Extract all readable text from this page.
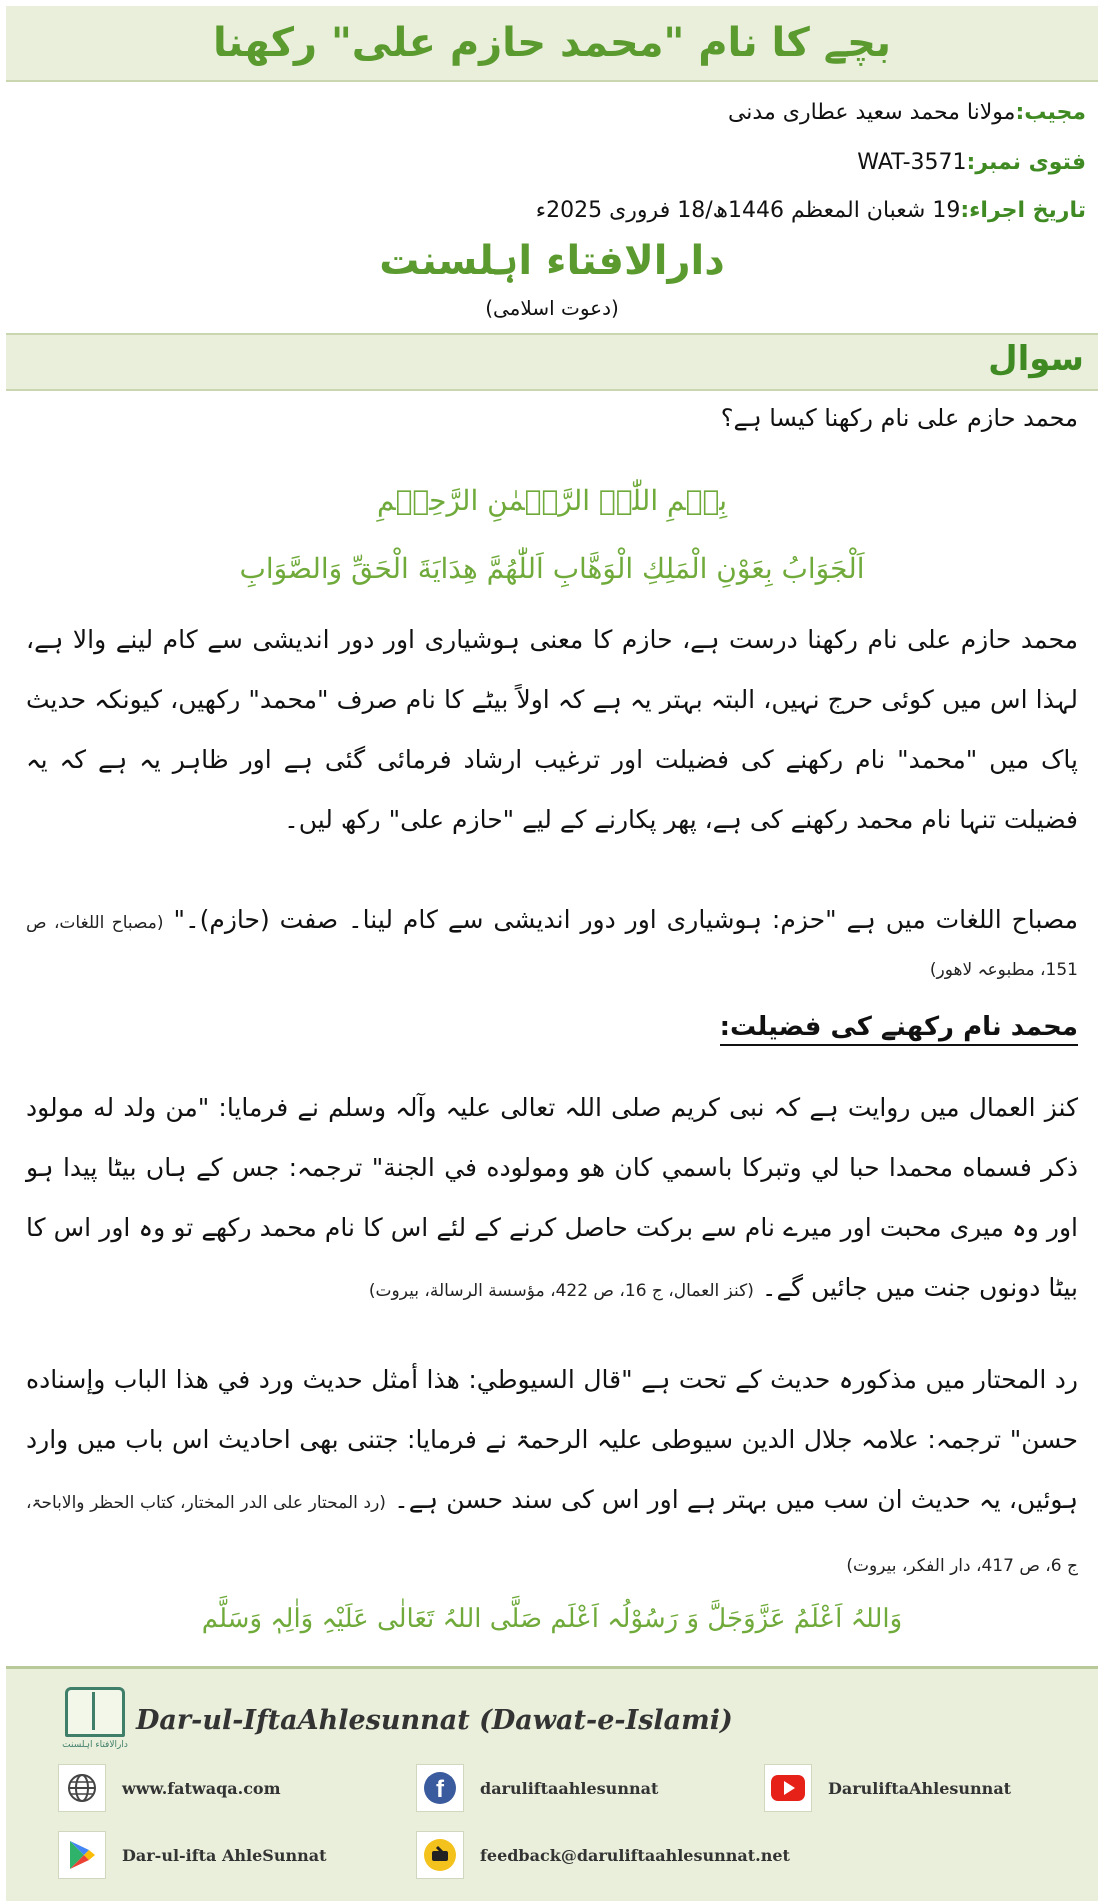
بچے کا نام "محمد حازم علی" رکھنا
مجیب:مولانا محمد سعید عطاری مدنی
فتوی نمبر:WAT-3571
تاریخ اجراء:19 شعبان المعظم 1446ھ/18 فروری 2025ء
دارالافتاء اہلسنت
(دعوت اسلامی)
سوال
محمد حازم علی نام رکھنا کیسا ہے؟
بِسۡمِ اللّٰہِ الرَّحۡمٰنِ الرَّحِیۡمِ
اَلْجَوَابُ بِعَوْنِ الْمَلِكِ الْوَهَّابِ اَللّٰهُمَّ هِدَايَةَ الْحَقِّ وَالصَّوَابِ
محمد حازم علی نام رکھنا درست ہے، حازم کا معنی ہوشیاری اور دور اندیشی سے کام لینے والا ہے، لہذا اس میں کوئی حرج نہیں، البتہ بہتر یہ ہے کہ اولاً بیٹے کا نام صرف "محمد" رکھیں، کیونکہ حدیث پاک میں "محمد" نام رکھنے کی فضیلت اور ترغیب ارشاد فرمائی گئی ہے اور ظاہر یہ ہے کہ یہ فضیلت تنہا نام محمد رکھنے کی ہے، پھر پکارنے کے لیے "حازم علی" رکھ لیں۔
مصباح اللغات میں ہے "حزم: ہوشیاری اور دور اندیشی سے کام لینا۔ صفت (حازم)۔" (مصباح اللغات، ص 151، مطبوعہ لاھور)
محمد نام رکھنے کی فضیلت:
کنز العمال میں روایت ہے کہ نبی کریم صلی اللہ تعالی علیہ وآلہ وسلم نے فرمایا: "من ولد له مولود ذكر فسماه محمدا حبا لي وتبركا باسمي كان هو ومولوده في الجنة" ترجمہ: جس کے ہاں بیٹا پیدا ہو اور وہ میری محبت اور میرے نام سے برکت حاصل کرنے کے لئے اس کا نام محمد رکھے تو وہ اور اس کا بیٹا دونوں جنت میں جائیں گے۔ (کنز العمال، ج 16، ص 422، مؤسسة الرسالة، بیروت)
رد المحتار میں مذکورہ حدیث کے تحت ہے "قال السيوطي: هذا أمثل حديث ورد في هذا الباب وإسناده حسن" ترجمہ: علامہ جلال الدین سیوطی علیہ الرحمۃ نے فرمایا: جتنی بھی احادیث اس باب میں وارد ہوئیں، یہ حدیث ان سب میں بہتر ہے اور اس کی سند حسن ہے۔ (رد المحتار علی الدر المختار، کتاب الحظر والاباحۃ، ج 6، ص 417، دار الفکر، بیروت)
وَاللہُ اَعْلَمُ عَزَّوَجَلَّ وَ رَسُوْلُہ اَعْلَم صَلَّی اللہُ تَعَالٰی عَلَیْہِ وَاٰلِہٖ وَسَلَّم
دارالافتاء اہلسنت
Dar-ul-IftaAhlesunnat (Dawat-e-Islami)
www.fatwaqa.com	f daruliftaahlesunnat	DaruliftaAhlesunnat
Dar-ul-ifta AhleSunnat	feedback@daruliftaahlesunnat.net
